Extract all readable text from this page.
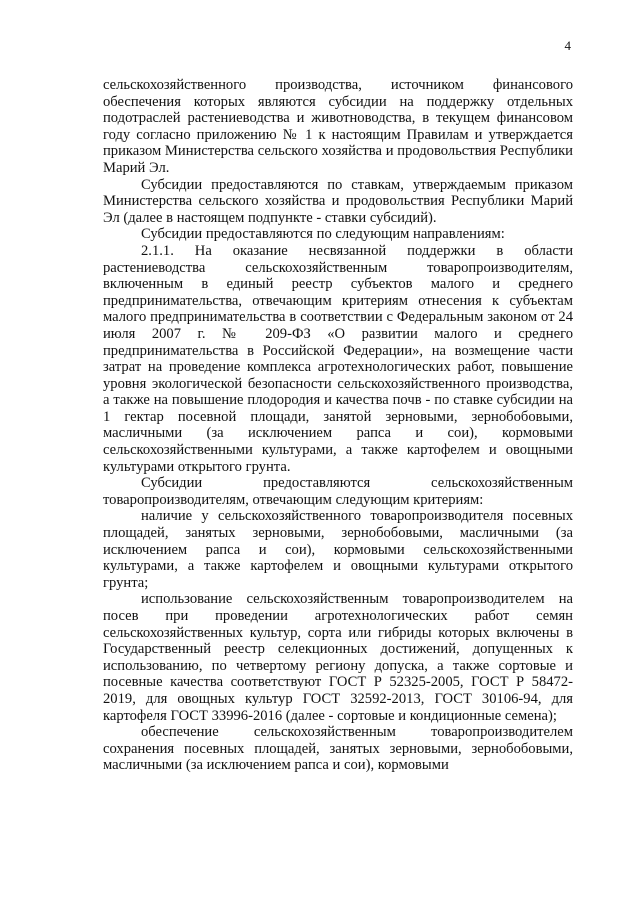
4

сельскохозяйственного производства, источником финансового обеспечения которых являются субсидии на поддержку отдельных подотраслей растениеводства и животноводства, в текущем финансовом году согласно приложению № 1 к настоящим Правилам и утверждается приказом Министерства сельского хозяйства и продовольствия Республики Марий Эл.

Субсидии предоставляются по ставкам, утверждаемым приказом Министерства сельского хозяйства и продовольствия Республики Марий Эл (далее в настоящем подпункте - ставки субсидий).

Субсидии предоставляются по следующим направлениям:

2.1.1. На оказание несвязанной поддержки в области растениеводства сельскохозяйственным товаропроизводителям, включенным в единый реестр субъектов малого и среднего предпринимательства, отвечающим критериям отнесения к субъектам малого предпринимательства в соответствии с Федеральным законом от 24 июля 2007 г. № 209-ФЗ «О развитии малого и среднего предпринимательства в Российской Федерации», на возмещение части затрат на проведение комплекса агротехнологических работ, повышение уровня экологической безопасности сельскохозяйственного производства, а также на повышение плодородия и качества почв - по ставке субсидии на 1 гектар посевной площади, занятой зерновыми, зернобобовыми, масличными (за исключением рапса и сои), кормовыми сельскохозяйственными культурами, а также картофелем и овощными культурами открытого грунта.

Субсидии предоставляются сельскохозяйственным товаропроизводителям, отвечающим следующим критериям:

наличие у сельскохозяйственного товаропроизводителя посевных площадей, занятых зерновыми, зернобобовыми, масличными (за исключением рапса и сои), кормовыми сельскохозяйственными культурами, а также картофелем и овощными культурами открытого грунта;

использование сельскохозяйственным товаропроизводителем на посев при проведении агротехнологических работ семян сельскохозяйственных культур, сорта или гибриды которых включены в Государственный реестр селекционных достижений, допущенных к использованию, по четвертому региону допуска, а также сортовые и посевные качества соответствуют ГОСТ Р 52325-2005, ГОСТ Р 58472-2019, для овощных культур ГОСТ 32592-2013, ГОСТ 30106-94, для картофеля ГОСТ 33996-2016 (далее - сортовые и кондиционные семена);

обеспечение сельскохозяйственным товаропроизводителем сохранения посевных площадей, занятых зерновыми, зернобобовыми, масличными (за исключением рапса и сои), кормовыми
